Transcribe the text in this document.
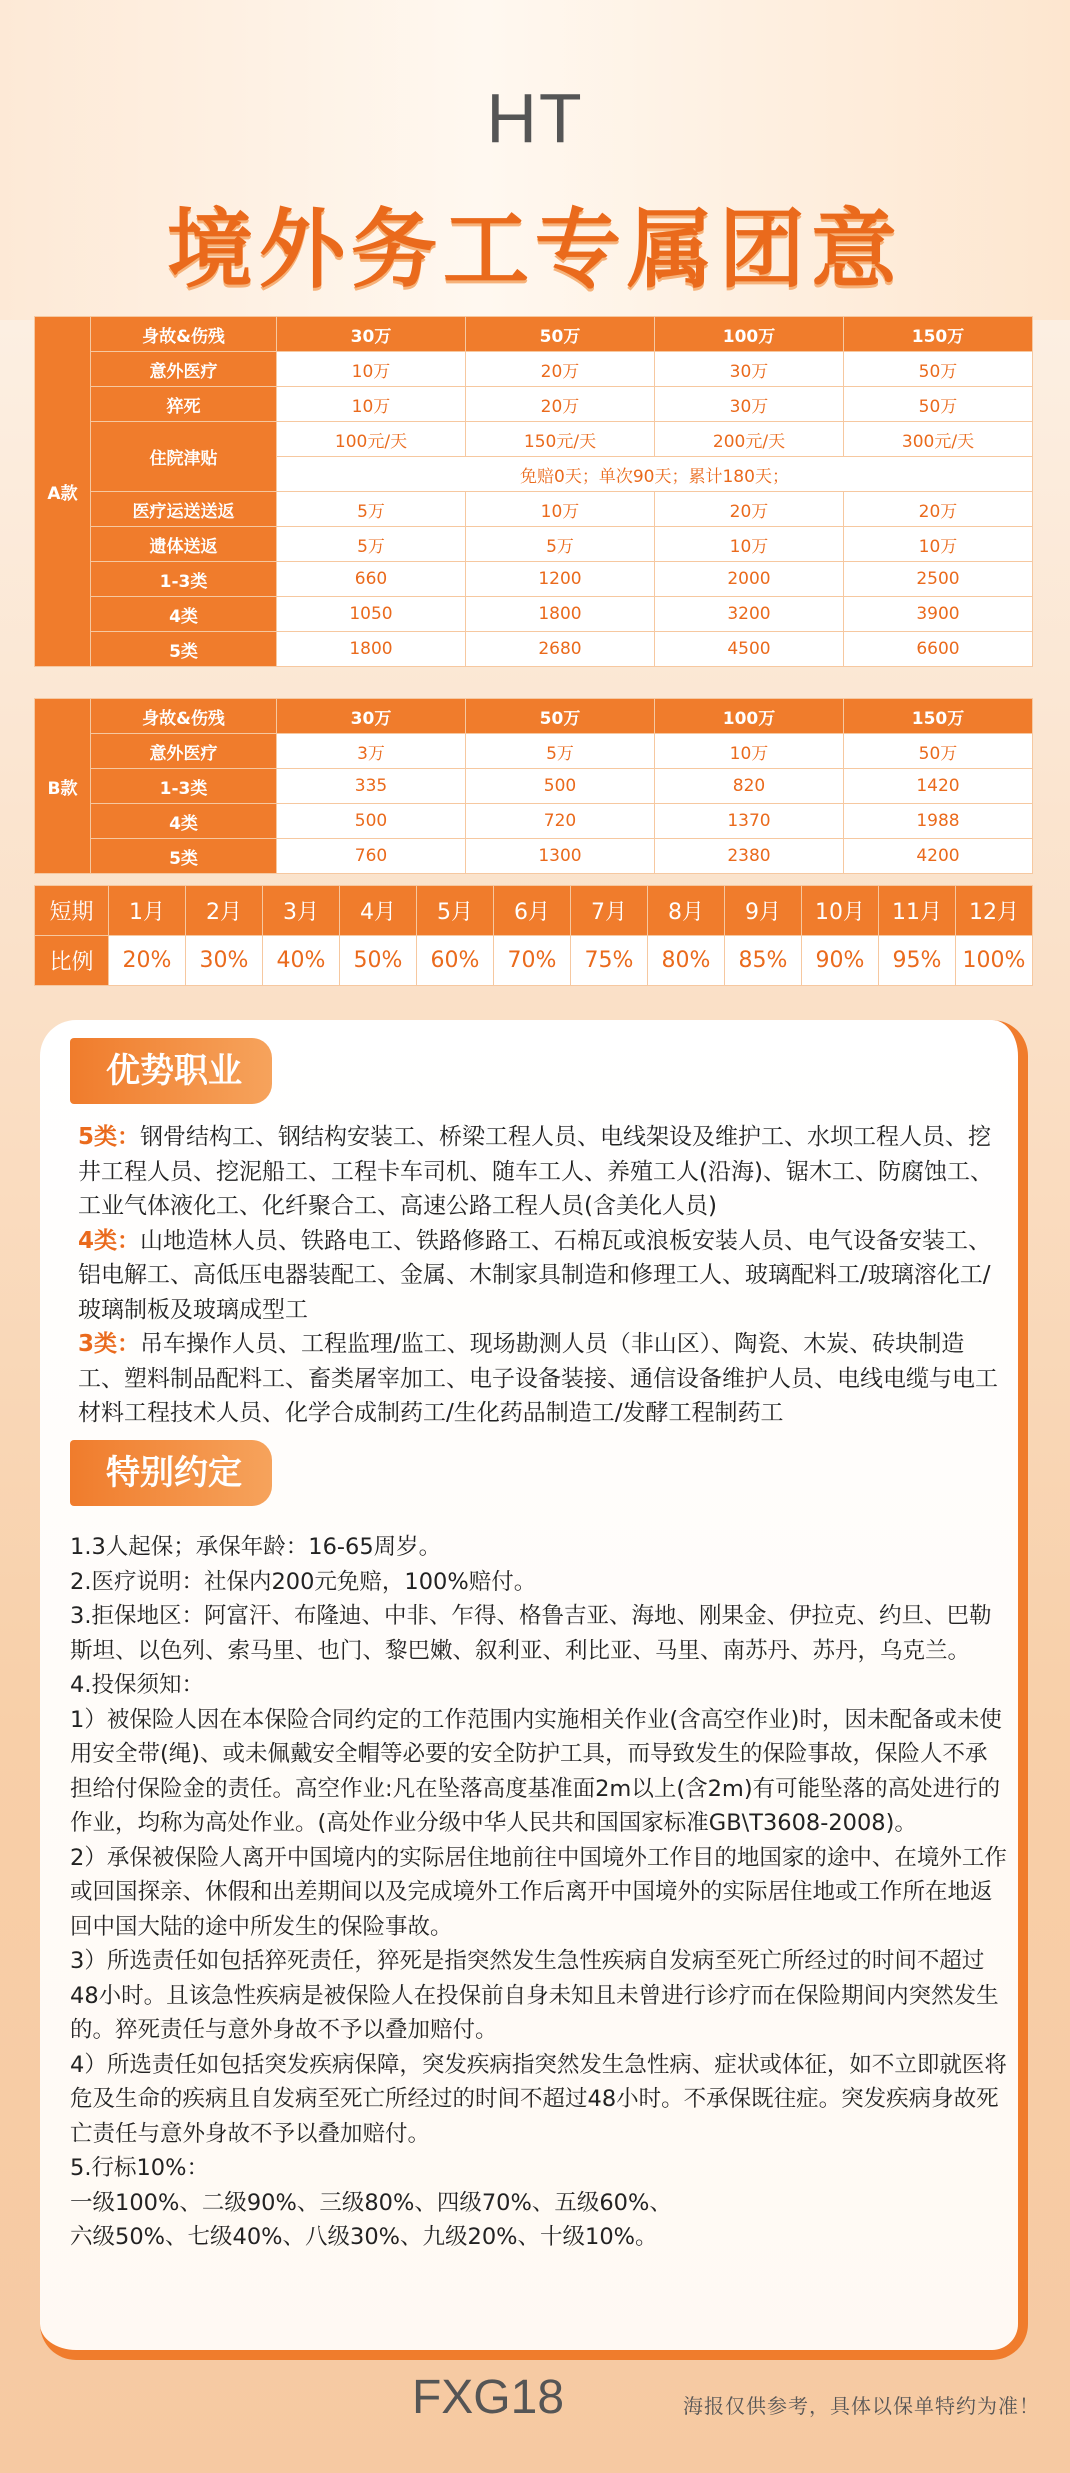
HT
境外务工专属团意
A款	身故&伤残	30万	50万	100万	150万
	意外医疗	10万	20万	30万	50万
	猝死	10万	20万	30万	50万
	住院津贴	100元/天	150元/天	200元/天	300元/天
		免赔0天；单次90天；累计180天；			
	医疗运送送返	5万	10万	20万	20万
	遗体送返	5万	5万	10万	10万
	1-3类	660	1200	2000	2500
	4类	1050	1800	3200	3900
	5类	1800	2680	4500	6600
B款	身故&伤残	30万	50万	100万	150万
	意外医疗	3万	5万	10万	50万
	1-3类	335	500	820	1420
	4类	500	720	1370	1988
	5类	760	1300	2380	4200
短期	1月	2月	3月	4月	5月	6月	7月	8月	9月	10月	11月	12月
比例	20%	30%	40%	50%	60%	70%	75%	80%	85%	90%	95%	100%
优势职业

5类：钢骨结构工、钢结构安装工、桥梁工程人员、电线架设及维护工、水坝工程人员、挖井工程人员、挖泥船工、工程卡车司机、随车工人、养殖工人(沿海)、锯木工、防腐蚀工、工业气体液化工、化纤聚合工、高速公路工程人员(含美化人员)

4类：山地造林人员、铁路电工、铁路修路工、石棉瓦或浪板安装人员、电气设备安装工、铝电解工、高低压电器装配工、金属、木制家具制造和修理工人、玻璃配料工/玻璃溶化工/玻璃制板及玻璃成型工

3类：吊车操作人员、工程监理/监工、现场勘测人员（非山区）、陶瓷、木炭、砖块制造工、塑料制品配料工、畜类屠宰加工、电子设备装接、通信设备维护人员、电线电缆与电工材料工程技术人员、化学合成制药工/生化药品制造工/发酵工程制药工

特别约定

1.3人起保；承保年龄：16-65周岁。

2.医疗说明：社保内200元免赔，100%赔付。

3.拒保地区：阿富汗、布隆迪、中非、乍得、格鲁吉亚、海地、刚果金、伊拉克、约旦、巴勒斯坦、以色列、索马里、也门、黎巴嫩、叙利亚、利比亚、马里、南苏丹、苏丹，乌克兰。

4.投保须知：

1）被保险人因在本保险合同约定的工作范围内实施相关作业(含高空作业)时，因未配备或未使用安全带(绳)、或未佩戴安全帽等必要的安全防护工具，而导致发生的保险事故，保险人不承担给付保险金的责任。高空作业:凡在坠落高度基准面2m以上(含2m)有可能坠落的高处进行的作业，均称为高处作业。(高处作业分级中华人民共和国国家标准GB\T3608-2008)。

2）承保被保险人离开中国境内的实际居住地前往中国境外工作目的地国家的途中、在境外工作或回国探亲、休假和出差期间以及完成境外工作后离开中国境外的实际居住地或工作所在地返回中国大陆的途中所发生的保险事故。

3）所选责任如包括猝死责任，猝死是指突然发生急性疾病自发病至死亡所经过的时间不超过48小时。且该急性疾病是被保险人在投保前自身未知且未曾进行诊疗而在保险期间内突然发生的。猝死责任与意外身故不予以叠加赔付。

4）所选责任如包括突发疾病保障，突发疾病指突然发生急性病、症状或体征，如不立即就医将危及生命的疾病且自发病至死亡所经过的时间不超过48小时。不承保既往症。突发疾病身故死亡责任与意外身故不予以叠加赔付。

5.行标10%：

一级100%、二级90%、三级80%、四级70%、五级60%、

六级50%、七级40%、八级30%、九级20%、十级10%。

FXG18	海报仅供参考，具体以保单特约为准！
